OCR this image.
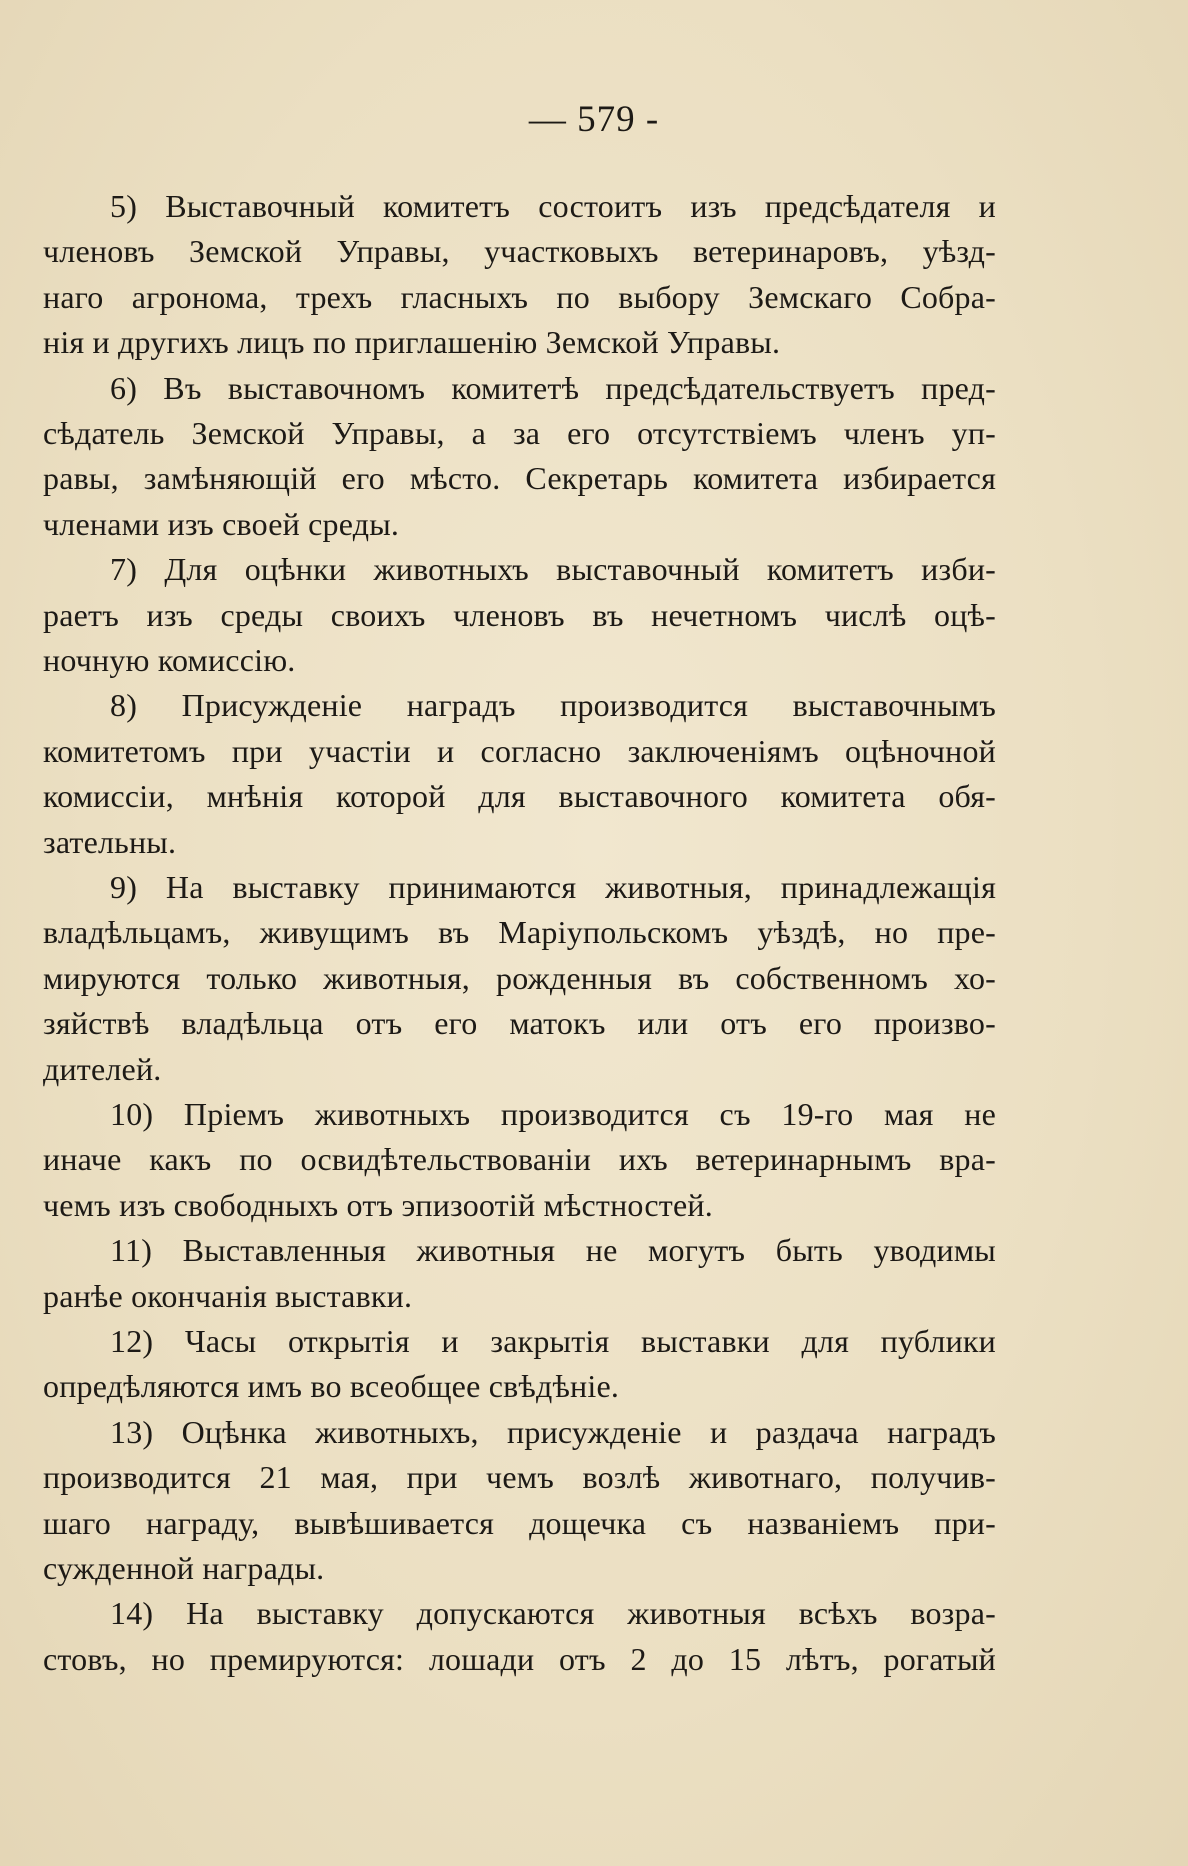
— 579 -
5) Выставочный комитетъ состоитъ изъ предсѣдателя и
членовъ Земской Управы, участковыхъ ветеринаровъ, уѣзд-
наго агронома, трехъ гласныхъ по выбору Земскаго Собра-
нія и другихъ лицъ по приглашенію Земской Управы.
6) Въ выставочномъ комитетѣ предсѣдательствуетъ пред-
сѣдатель Земской Управы, а за его отсутствіемъ членъ уп-
равы, замѣняющій его мѣсто. Секретарь комитета избирается
членами изъ своей среды.
7) Для оцѣнки животныхъ выставочный комитетъ изби-
раетъ изъ среды своихъ членовъ въ нечетномъ числѣ оцѣ-
ночную комиссію.
8) Присужденіе наградъ производится выставочнымъ
комитетомъ при участіи и согласно заключеніямъ оцѣночной
комиссіи, мнѣнія которой для выставочного комитета обя-
зательны.
9) На выставку принимаются животныя, принадлежащія
владѣльцамъ, живущимъ въ Маріупольскомъ уѣздѣ, но пре-
мируются только животныя, рожденныя въ собственномъ хо-
зяйствѣ владѣльца отъ его матокъ или отъ его произво-
дителей.
10) Пріемъ животныхъ производится съ 19-го мая не
иначе какъ по освидѣтельствованіи ихъ ветеринарнымъ вра-
чемъ изъ свободныхъ отъ эпизоотій мѣстностей.
11) Выставленныя животныя не могутъ быть уводимы
ранѣе окончанія выставки.
12) Часы открытія и закрытія выставки для публики
опредѣляются имъ во всеобщее свѣдѣніе.
13) Оцѣнка животныхъ, присужденіе и раздача наградъ
производится 21 мая, при чемъ возлѣ животнаго, получив-
шаго награду, вывѣшивается дощечка съ названіемъ при-
сужденной награды.
14) На выставку допускаются животныя всѣхъ возра-
стовъ, но премируются: лошади отъ 2 до 15 лѣтъ, рогатый
